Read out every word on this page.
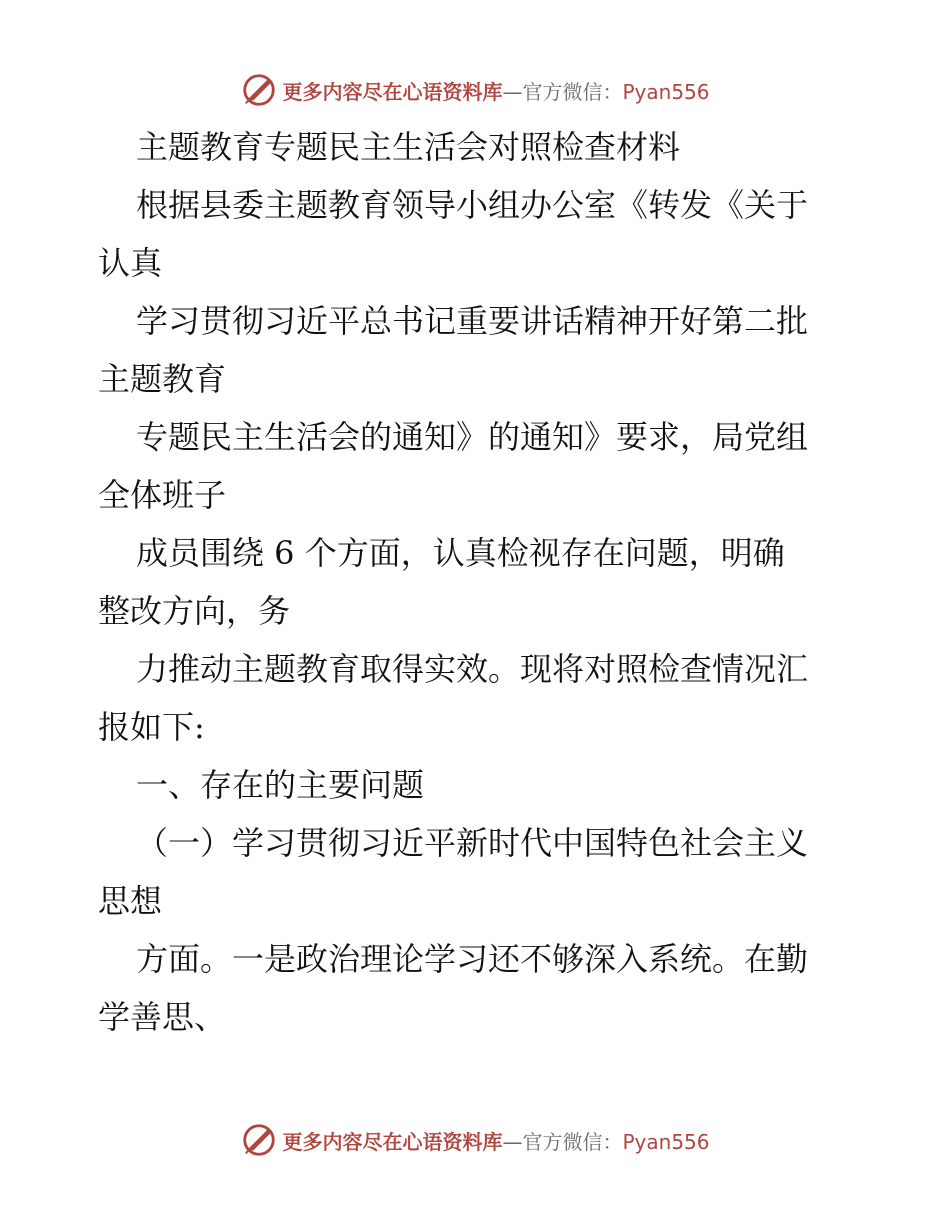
更多内容尽在心语资料库—官方微信：Pyan556
主题教育专题民主生活会对照检查材料
根据县委主题教育领导小组办公室《转发《关于
认真
学习贯彻习近平总书记重要讲话精神开好第二批
主题教育
专题民主生活会的通知》的通知》要求，局党组
全体班子
成员围绕 6 个方面，认真检视存在问题，明确
整改方向，务
力推动主题教育取得实效。现将对照检查情况汇
报如下:
一、存在的主要问题
（一）学习贯彻习近平新时代中国特色社会主义
思想
方面。一是政治理论学习还不够深入系统。在勤
学善思、
更多内容尽在心语资料库—官方微信：Pyan556
